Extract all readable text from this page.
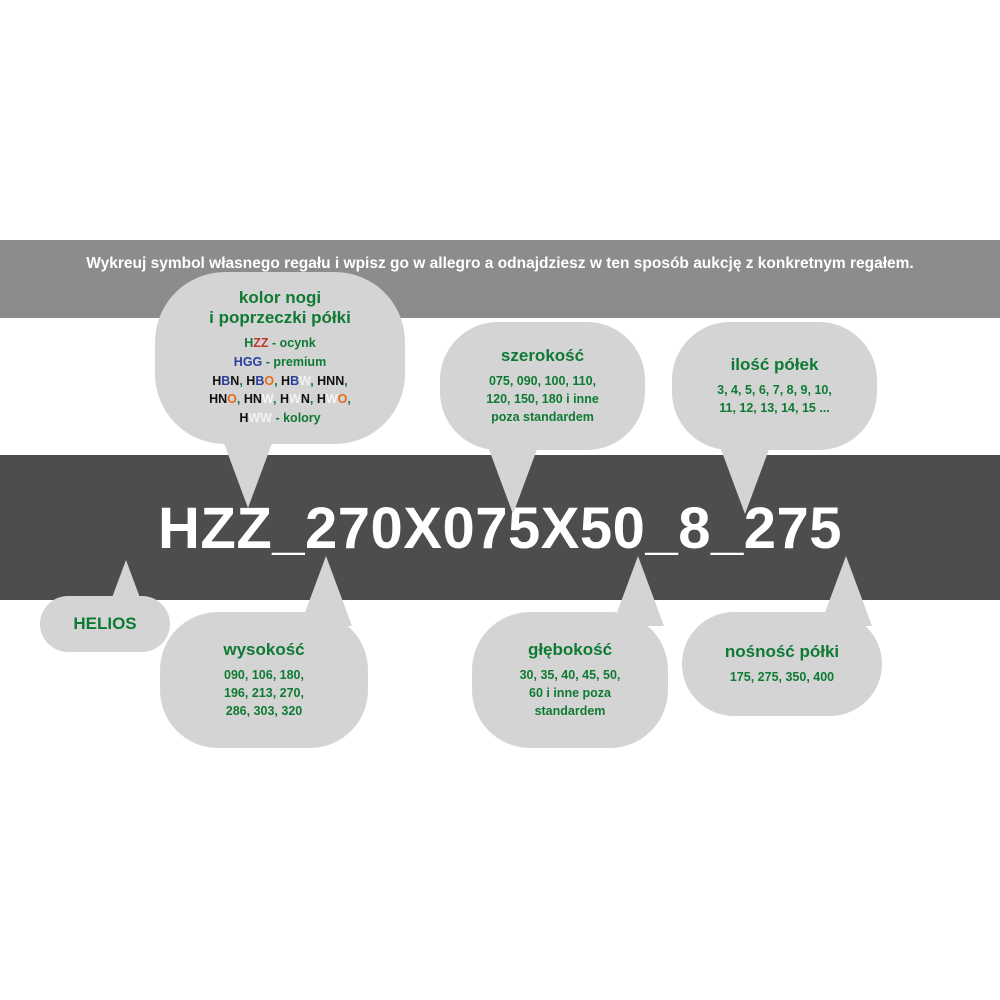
Wykreuj symbol własnego regału i wpisz go w allegro a odnajdziesz w ten sposób aukcję z konkretnym regałem.
HZZ_270X075X50_8_275
kolor nogi
i poprzeczki półki
HZZ - ocynk
HGG - premium
HBN, HBO, HBW, HNN,
HNO, HNW, HWN, HWO,
HWW - kolory
szerokość
075, 090, 100, 110,
120, 150, 180 i inne
poza standardem
ilość półek
3, 4, 5, 6, 7, 8, 9, 10,
11, 12, 13, 14, 15 ...
HELIOS
wysokość
090, 106, 180,
196, 213, 270,
286, 303, 320
głębokość
30, 35, 40, 45, 50,
60 i inne poza
standardem
nośność półki
175, 275, 350, 400
